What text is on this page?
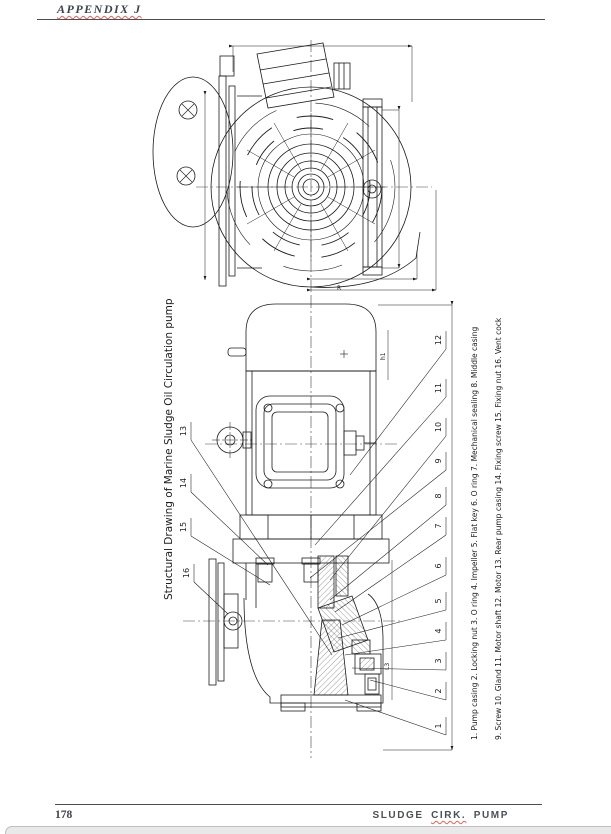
APPENDIX J
Structural Drawing of Marine Sludge Oil Circulation pump	1. Pump casing 2. Locking nut 3. O ring 4. Impeller 5. Flat key 6. O ring 7. Mechanical sealing 8. Middle casing 9. Screw 10. Gland 11. Motor shaft 12. Motor 13. Rear pump casing 14. Fixing screw 15. Fixing nut 16. Vent cock
12
11
10
9
8
7
6
5
4
3
2
1
13
14
15
16
R
h1
L3
178	SLUDGE CIRK. PUMP
